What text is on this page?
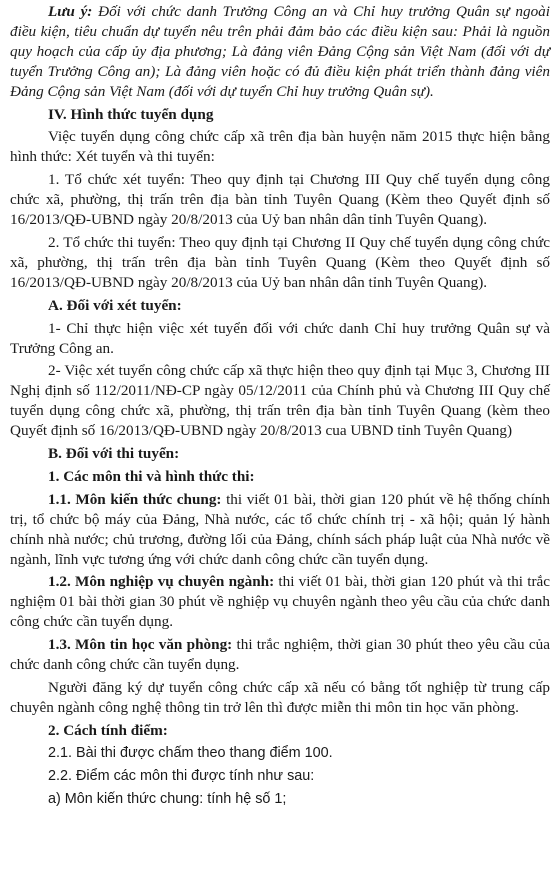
Lưu ý: Đối với chức danh Trưởng Công an và Chỉ huy trưởng Quân sự ngoài điều kiện, tiêu chuẩn dự tuyển nêu trên phải đảm bảo các điều kiện sau: Phải là nguồn quy hoạch của cấp ủy địa phương; Là đảng viên Đảng Cộng sản Việt Nam (đối với dự tuyển Trưởng Công an); Là đảng viên hoặc có đủ điều kiện phát triển thành đảng viên Đảng Cộng sản Việt Nam (đối với dự tuyển Chỉ huy trưởng Quân sự).

IV. Hình thức tuyển dụng

Việc tuyển dụng công chức cấp xã trên địa bàn huyện năm 2015 thực hiện bằng hình thức: Xét tuyển và thi tuyển:

1. Tổ chức xét tuyển: Theo quy định tại Chương III Quy chế tuyển dụng công chức xã, phường, thị trấn trên địa bàn tỉnh Tuyên Quang (Kèm theo Quyết định số 16/2013/QĐ-UBND ngày 20/8/2013 của Uỷ ban nhân dân tỉnh Tuyên Quang).

2. Tổ chức thi tuyển: Theo quy định tại Chương II Quy chế tuyển dụng công chức xã, phường, thị trấn trên địa bàn tỉnh Tuyên Quang (Kèm theo Quyết định số 16/2013/QĐ-UBND ngày 20/8/2013 của Uỷ ban nhân dân tỉnh Tuyên Quang).

A. Đối với xét tuyển:

1- Chỉ thực hiện việc xét tuyển đối với chức danh Chỉ huy trưởng Quân sự và Trưởng Công an.

2- Việc xét tuyển công chức cấp xã thực hiện theo quy định tại Mục 3, Chương III Nghị định số 112/2011/NĐ-CP ngày 05/12/2011 của Chính phủ và Chương III Quy chế tuyển dụng công chức xã, phường, thị trấn trên địa bàn tỉnh Tuyên Quang (kèm theo Quyết định số 16/2013/QĐ-UBND ngày 20/8/2013 cua UBND tỉnh Tuyên Quang)

B. Đối với thi tuyển:

1. Các môn thi và hình thức thi:

1.1. Môn kiến thức chung: thi viết 01 bài, thời gian 120 phút về hệ thống chính trị, tổ chức bộ máy của Đảng, Nhà nước, các tổ chức chính trị - xã hội; quản lý hành chính nhà nước; chủ trương, đường lối của Đảng, chính sách pháp luật của Nhà nước về ngành, lĩnh vực tương ứng với chức danh công chức cần tuyển dụng.

1.2. Môn nghiệp vụ chuyên ngành: thi viết 01 bài, thời gian 120 phút và thi trắc nghiệm 01 bài thời gian 30 phút về nghiệp vụ chuyên ngành theo yêu cầu của chức danh công chức cần tuyển dụng.

1.3. Môn tin học văn phòng: thi trắc nghiệm, thời gian 30 phút theo yêu cầu của chức danh công chức cần tuyển dụng.

Người đăng ký dự tuyển công chức cấp xã nếu có bằng tốt nghiệp từ trung cấp chuyên ngành công nghệ thông tin trở lên thì được miễn thi môn tin học văn phòng.

2. Cách tính điểm:

2.1. Bài thi được chấm theo thang điểm 100.

2.2. Điểm các môn thi được tính như sau:

a) Môn kiến thức chung: tính hệ số 1;
